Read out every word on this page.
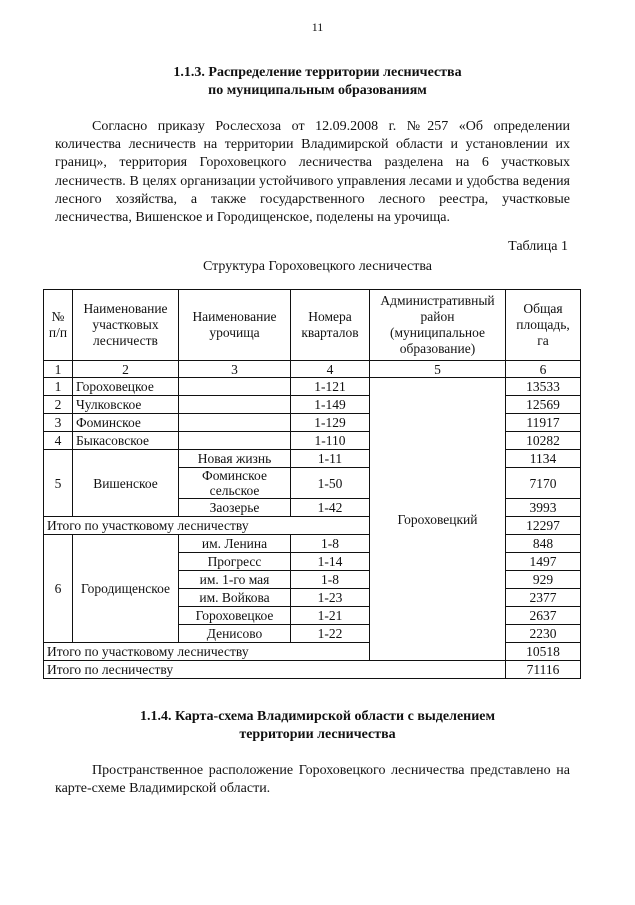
11
1.1.3. Распределение территории лесничества
по муниципальным образованиям
Согласно приказу Рослесхоза от 12.09.2008 г. №257 «Об определении количества лесничеств на территории Владимирской области и установлении их границ», территория Гороховецкого лесничества разделена на 6 участковых лесничеств. В целях организации устойчивого управления лесами и удобства ведения лесного хозяйства, а также государственного лесного реестра, участковые лесничества, Вишенское и Городищенское, поделены на урочища.
Таблица 1
Структура Гороховецкого лесничества
№ п/п	Наименование участковых лесничеств	Наименование урочища	Номера кварталов	Административный район (муниципальное образование)	Общая площадь, га
1	2	3	4	5	6
1	Гороховецкое		1-121	Гороховецкий	13533
2	Чулковское		1-149		12569
3	Фоминское		1-129		11917
4	Быкасовское		1-110		10282
5	Вишенское	Новая жизнь	1-11		1134
		Фоминское сельское	1-50		7170
		Заозерье	1-42		3993
Итого по участковому лесничеству					12297
6	Городищенское	им. Ленина	1-8		848
		Прогресс	1-14		1497
		им. 1-го мая	1-8		929
		им. Войкова	1-23		2377
		Гороховецкое	1-21		2637
		Денисово	1-22		2230
Итого по участковому лесничеству					10518
Итого по лесничеству					71116
1.1.4. Карта-схема Владимирской области с выделением
территории лесничества
Пространственное расположение Гороховецкого лесничества представлено на карте-схеме Владимирской области.
